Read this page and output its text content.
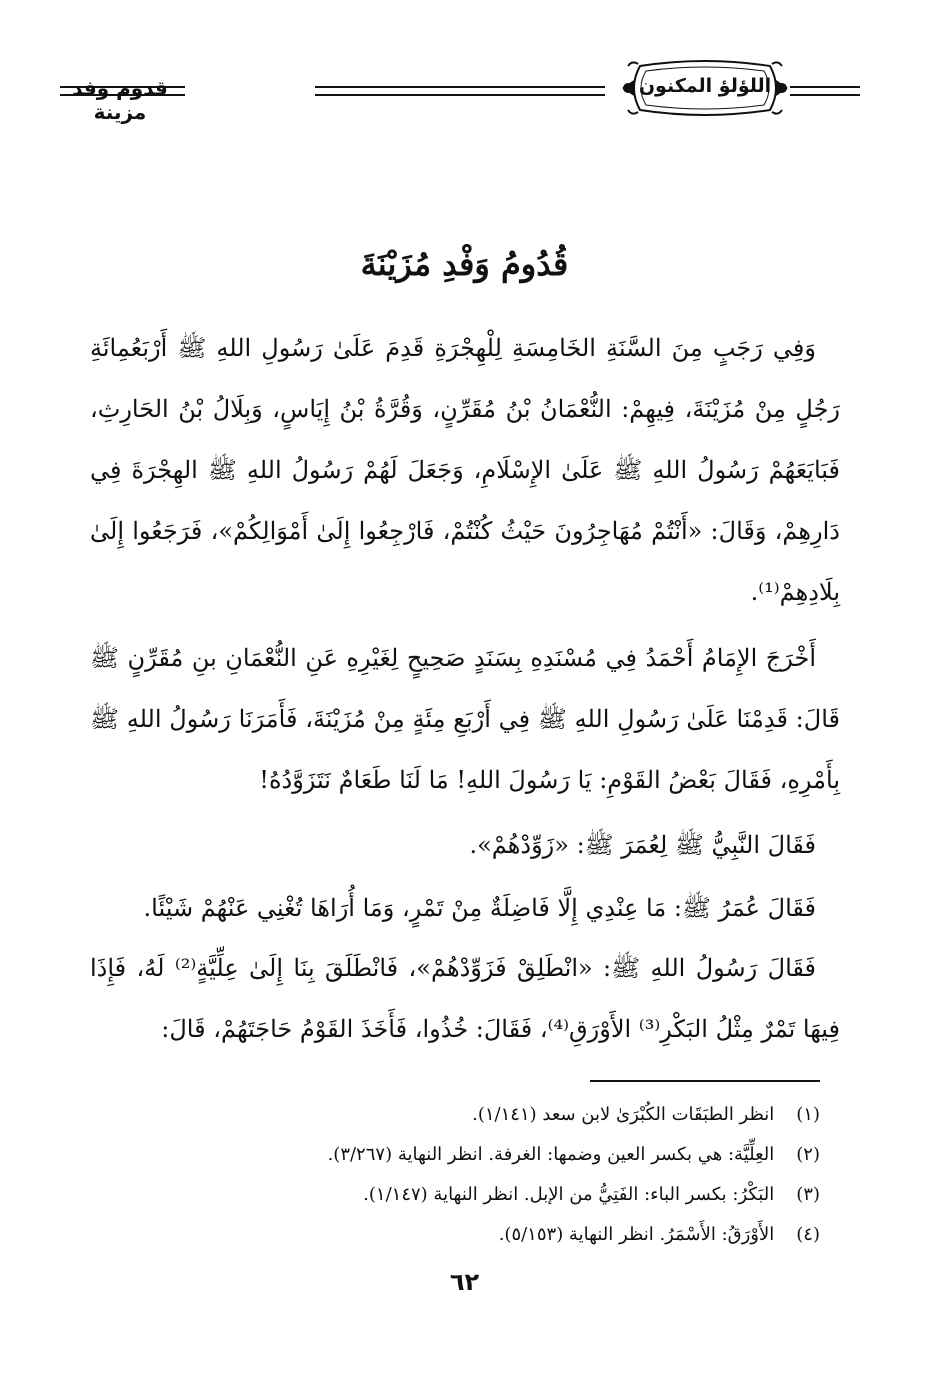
قدوم وفد مزينة
اللؤلؤ المكنون
قُدُومُ وَفْدِ مُزَيْنَةَ
وَفِي رَجَبٍ مِنَ السَّنَةِ الخَامِسَةِ لِلْهِجْرَةِ قَدِمَ عَلَىٰ رَسُولِ اللهِ ﷺ أَرْبَعُمِائَةِ رَجُلٍ مِنْ مُزَيْنَةَ، فِيهِمْ: النُّعْمَانُ بْنُ مُقَرِّنٍ، وَقُرَّةُ بْنُ إِيَاسٍ، وَبِلَالُ بْنُ الحَارِثِ، فَبَايَعَهُمْ رَسُولُ اللهِ ﷺ عَلَىٰ الإِسْلَامِ، وَجَعَلَ لَهُمْ رَسُولُ اللهِ ﷺ الهِجْرَةَ فِي دَارِهِمْ، وَقَالَ: «أَنْتُمْ مُهَاجِرُونَ حَيْثُ كُنْتُمْ، فَارْجِعُوا إِلَىٰ أَمْوَالِكُمْ»، فَرَجَعُوا إِلَىٰ بِلَادِهِمْ⁽¹⁾.
أَخْرَجَ الإِمَامُ أَحْمَدُ فِي مُسْنَدِهِ بِسَنَدٍ صَحِيحٍ لِغَيْرِهِ عَنِ النُّعْمَانِ بنِ مُقَرِّنٍ ﷺ قَالَ: قَدِمْنَا عَلَىٰ رَسُولِ اللهِ ﷺ فِي أَرْبَعِ مِئَةٍ مِنْ مُزَيْنَةَ، فَأَمَرَنَا رَسُولُ اللهِ ﷺ بِأَمْرِهِ، فَقَالَ بَعْضُ القَوْمِ: يَا رَسُولَ اللهِ! مَا لَنَا طَعَامٌ نَتَزَوَّدُهُ!
فَقَالَ النَّبِيُّ ﷺ لِعُمَرَ ﷺ: «زَوِّدْهُمْ».
فَقَالَ عُمَرُ ﷺ: مَا عِنْدِي إِلَّا فَاضِلَةٌ مِنْ تَمْرٍ، وَمَا أُرَاهَا تُغْنِي عَنْهُمْ شَيْئًا.
فَقَالَ رَسُولُ اللهِ ﷺ: «انْطَلِقْ فَزَوِّدْهُمْ»، فَانْطَلَقَ بِنَا إِلَىٰ عِلِّيَّةٍ⁽²⁾ لَهُ، فَإِذَا فِيهَا تَمْرٌ مِثْلُ البَكْرِ⁽³⁾ الأَوْرَقِ⁽⁴⁾، فَقَالَ: خُذُوا، فَأَخَذَ القَوْمُ حَاجَتَهُمْ، قَالَ:
(١) انظر الطبَقَات الكُبْرَىٰ لابن سعد (١/١٤١).
(٢) العِلِّيَّة: هي بكسر العين وضمها: الغرفة. انظر النهاية (٣/٢٦٧).
(٣) البَكْرُ: بكسر الباء: الفَتِيُّ من الإبل. انظر النهاية (١/١٤٧).
(٤) الأَوْرَقُ: الأَسْمَرُ. انظر النهاية (٥/١٥٣).
٦٢
